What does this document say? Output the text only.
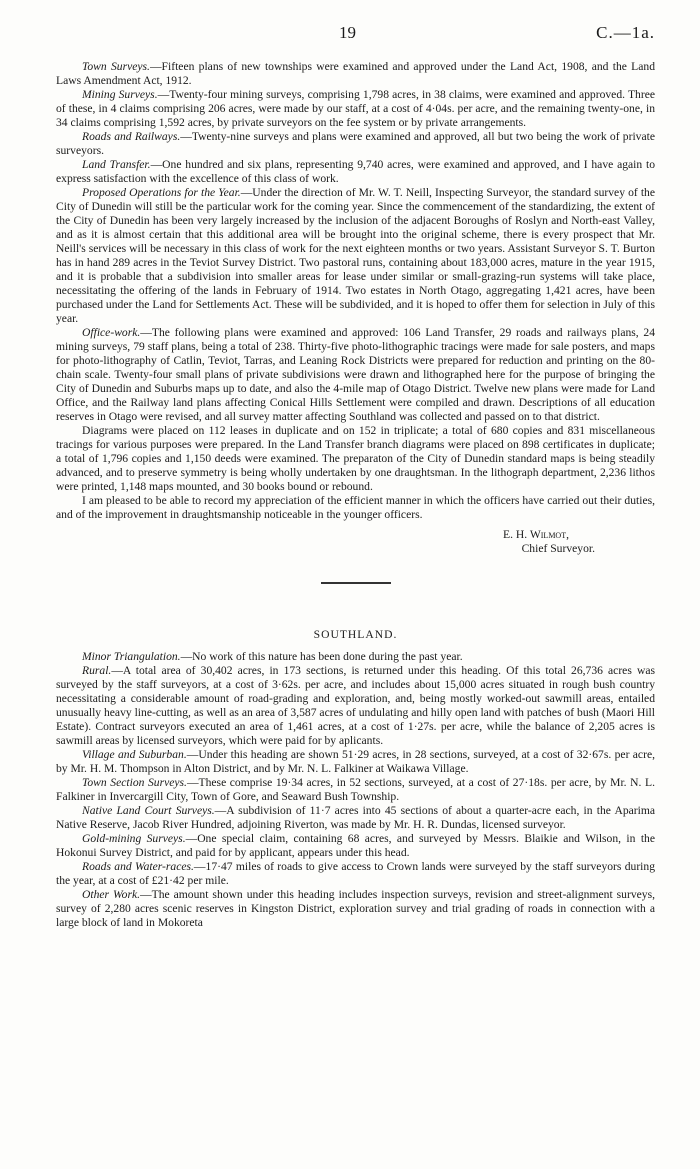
19	C.—1a.

Town Surveys.—Fifteen plans of new townships were examined and approved under the Land Act, 1908, and the Land Laws Amendment Act, 1912.

Mining Surveys.—Twenty-four mining surveys, comprising 1,798 acres, in 38 claims, were examined and approved. Three of these, in 4 claims comprising 206 acres, were made by our staff, at a cost of 4·04s. per acre, and the remaining twenty-one, in 34 claims comprising 1,592 acres, by private surveyors on the fee system or by private arrangements.

Roads and Railways.—Twenty-nine surveys and plans were examined and approved, all but two being the work of private surveyors.

Land Transfer.—One hundred and six plans, representing 9,740 acres, were examined and approved, and I have again to express satisfaction with the excellence of this class of work.

Proposed Operations for the Year.—Under the direction of Mr. W. T. Neill, Inspecting Surveyor, the standard survey of the City of Dunedin will still be the particular work for the coming year. Since the commencement of the standardizing, the extent of the City of Dunedin has been very largely increased by the inclusion of the adjacent Boroughs of Roslyn and North-east Valley, and as it is almost certain that this additional area will be brought into the original scheme, there is every prospect that Mr. Neill's services will be necessary in this class of work for the next eighteen months or two years. Assistant Surveyor S. T. Burton has in hand 289 acres in the Teviot Survey District. Two pastoral runs, containing about 183,000 acres, mature in the year 1915, and it is probable that a subdivision into smaller areas for lease under similar or small-grazing-run systems will take place, necessitating the offering of the lands in February of 1914. Two estates in North Otago, aggregating 1,421 acres, have been purchased under the Land for Settlements Act. These will be subdivided, and it is hoped to offer them for selection in July of this year.

Office-work.—The following plans were examined and approved: 106 Land Transfer, 29 roads and railways plans, 24 mining surveys, 79 staff plans, being a total of 238. Thirty-five photo-lithographic tracings were made for sale posters, and maps for photo-lithography of Catlin, Teviot, Tarras, and Leaning Rock Districts were prepared for reduction and printing on the 80-chain scale. Twenty-four small plans of private subdivisions were drawn and lithographed here for the purpose of bringing the City of Dunedin and Suburbs maps up to date, and also the 4-mile map of Otago District. Twelve new plans were made for Land Office, and the Railway land plans affecting Conical Hills Settlement were compiled and drawn. Descriptions of all education reserves in Otago were revised, and all survey matter affecting Southland was collected and passed on to that district.

Diagrams were placed on 112 leases in duplicate and on 152 in triplicate; a total of 680 copies and 831 miscellaneous tracings for various purposes were prepared. In the Land Transfer branch diagrams were placed on 898 certificates in duplicate; a total of 1,796 copies and 1,150 deeds were examined. The preparaton of the City of Dunedin standard maps is being steadily advanced, and to preserve symmetry is being wholly undertaken by one draughtsman. In the lithograph department, 2,236 lithos were printed, 1,148 maps mounted, and 30 books bound or rebound.

I am pleased to be able to record my appreciation of the efficient manner in which the officers have carried out their duties, and of the improvement in draughtsmanship noticeable in the younger officers.

E. H. Wilmot,
Chief Surveyor.
SOUTHLAND.

Minor Triangulation.—No work of this nature has been done during the past year.

Rural.—A total area of 30,402 acres, in 173 sections, is returned under this heading. Of this total 26,736 acres was surveyed by the staff surveyors, at a cost of 3·62s. per acre, and includes about 15,000 acres situated in rough bush country necessitating a considerable amount of road-grading and exploration, and, being mostly worked-out sawmill areas, entailed unusually heavy line-cutting, as well as an area of 3,587 acres of undulating and hilly open land with patches of bush (Maori Hill Estate). Contract surveyors executed an area of 1,461 acres, at a cost of 1·27s. per acre, while the balance of 2,205 acres is sawmill areas by licensed surveyors, which were paid for by aplicants.

Village and Suburban.—Under this heading are shown 51·29 acres, in 28 sections, surveyed, at a cost of 32·67s. per acre, by Mr. H. M. Thompson in Alton District, and by Mr. N. L. Falkiner at Waikawa Village.

Town Section Surveys.—These comprise 19·34 acres, in 52 sections, surveyed, at a cost of 27·18s. per acre, by Mr. N. L. Falkiner in Invercargill City, Town of Gore, and Seaward Bush Township.

Native Land Court Surveys.—A subdivision of 11·7 acres into 45 sections of about a quarter-acre each, in the Aparima Native Reserve, Jacob River Hundred, adjoining Riverton, was made by Mr. H. R. Dundas, licensed surveyor.

Gold-mining Surveys.—One special claim, containing 68 acres, and surveyed by Messrs. Blaikie and Wilson, in the Hokonui Survey District, and paid for by applicant, appears under this head.

Roads and Water-races.—17·47 miles of roads to give access to Crown lands were surveyed by the staff surveyors during the year, at a cost of £21·42 per mile.

Other Work.—The amount shown under this heading includes inspection surveys, revision and street-alignment surveys, survey of 2,280 acres scenic reserves in Kingston District, exploration survey and trial grading of roads in connection with a large block of land in Mokoreta
